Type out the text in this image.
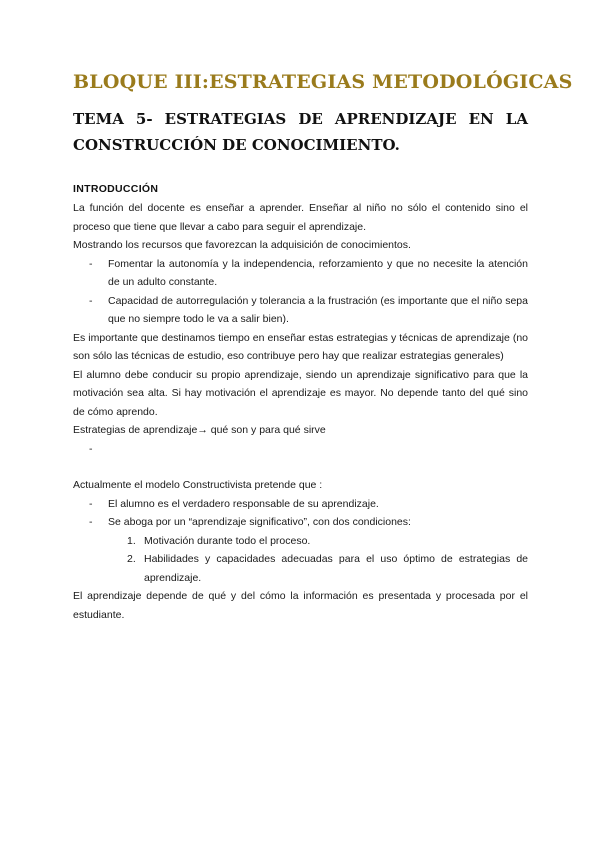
BLOQUE III:ESTRATEGIAS METODOLÓGICAS
TEMA 5- ESTRATEGIAS DE APRENDIZAJE EN LA CONSTRUCCIÓN DE CONOCIMIENTO.
INTRODUCCIÓN

La función del docente es enseñar a aprender. Enseñar al niño no sólo el contenido sino el proceso que tiene que llevar a cabo para seguir el aprendizaje.

Mostrando los recursos que favorezcan la adquisición de conocimientos.

- Fomentar la autonomía y la independencia, reforzamiento y que no necesite la atención de un adulto constante.
- Capacidad de autorregulación y tolerancia a la frustración (es importante que el niño sepa que no siempre todo le va a salir bien).

Es importante que destinamos tiempo en enseñar estas estrategias y técnicas de aprendizaje (no son sólo las técnicas de estudio, eso contribuye pero hay que realizar estrategias generales)

El alumno debe conducir su propio aprendizaje, siendo un aprendizaje significativo para que la motivación sea alta. Si hay motivación el aprendizaje es mayor. No depende tanto del qué sino de cómo aprendo.

Estrategias de aprendizaje→ qué son y para qué sirve

-

Actualmente el modelo Constructivista pretende que :

- El alumno es el verdadero responsable de su aprendizaje.
- Se aboga por un “aprendizaje significativo”, con dos condiciones:
1. Motivación durante todo el proceso.
2. Habilidades y capacidades adecuadas para el uso óptimo de estrategias de aprendizaje.

El aprendizaje depende de qué y del cómo la información es presentada y procesada por el estudiante.
